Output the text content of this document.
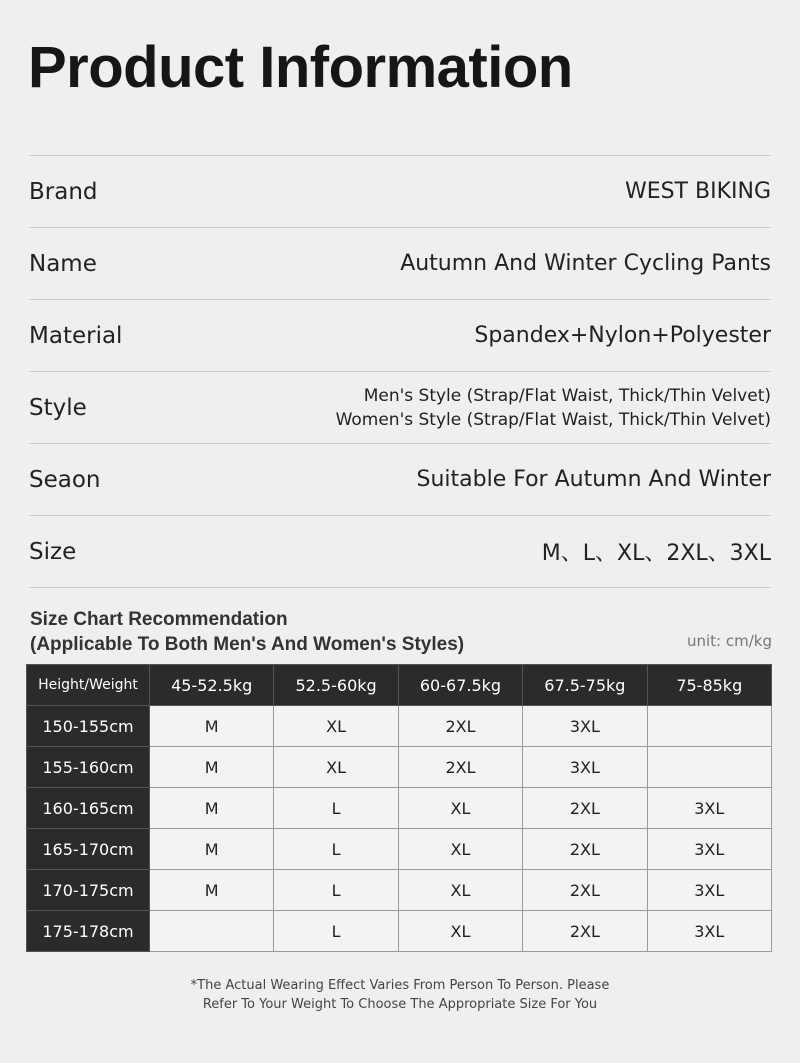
Product Information
Brand	WEST BIKING
Name	Autumn And Winter Cycling Pants
Material	Spandex+Nylon+Polyester
Style	Men's Style (Strap/Flat Waist, Thick/Thin Velvet)
Women's Style (Strap/Flat Waist, Thick/Thin Velvet)
Seaon	Suitable For Autumn And Winter
Size	M、L、XL、2XL、3XL
Size Chart Recommendation
(Applicable To Both Men's And Women's Styles)	unit: cm/kg
Height/Weight	45-52.5kg	52.5-60kg	60-67.5kg	67.5-75kg	75-85kg
150-155cm	M	XL	2XL	3XL	
155-160cm	M	XL	2XL	3XL	
160-165cm	M	L	XL	2XL	3XL
165-170cm	M	L	XL	2XL	3XL
170-175cm	M	L	XL	2XL	3XL
175-178cm		L	XL	2XL	3XL
*The Actual Wearing Effect Varies From Person To Person. Please
Refer To Your Weight To Choose The Appropriate Size For You
